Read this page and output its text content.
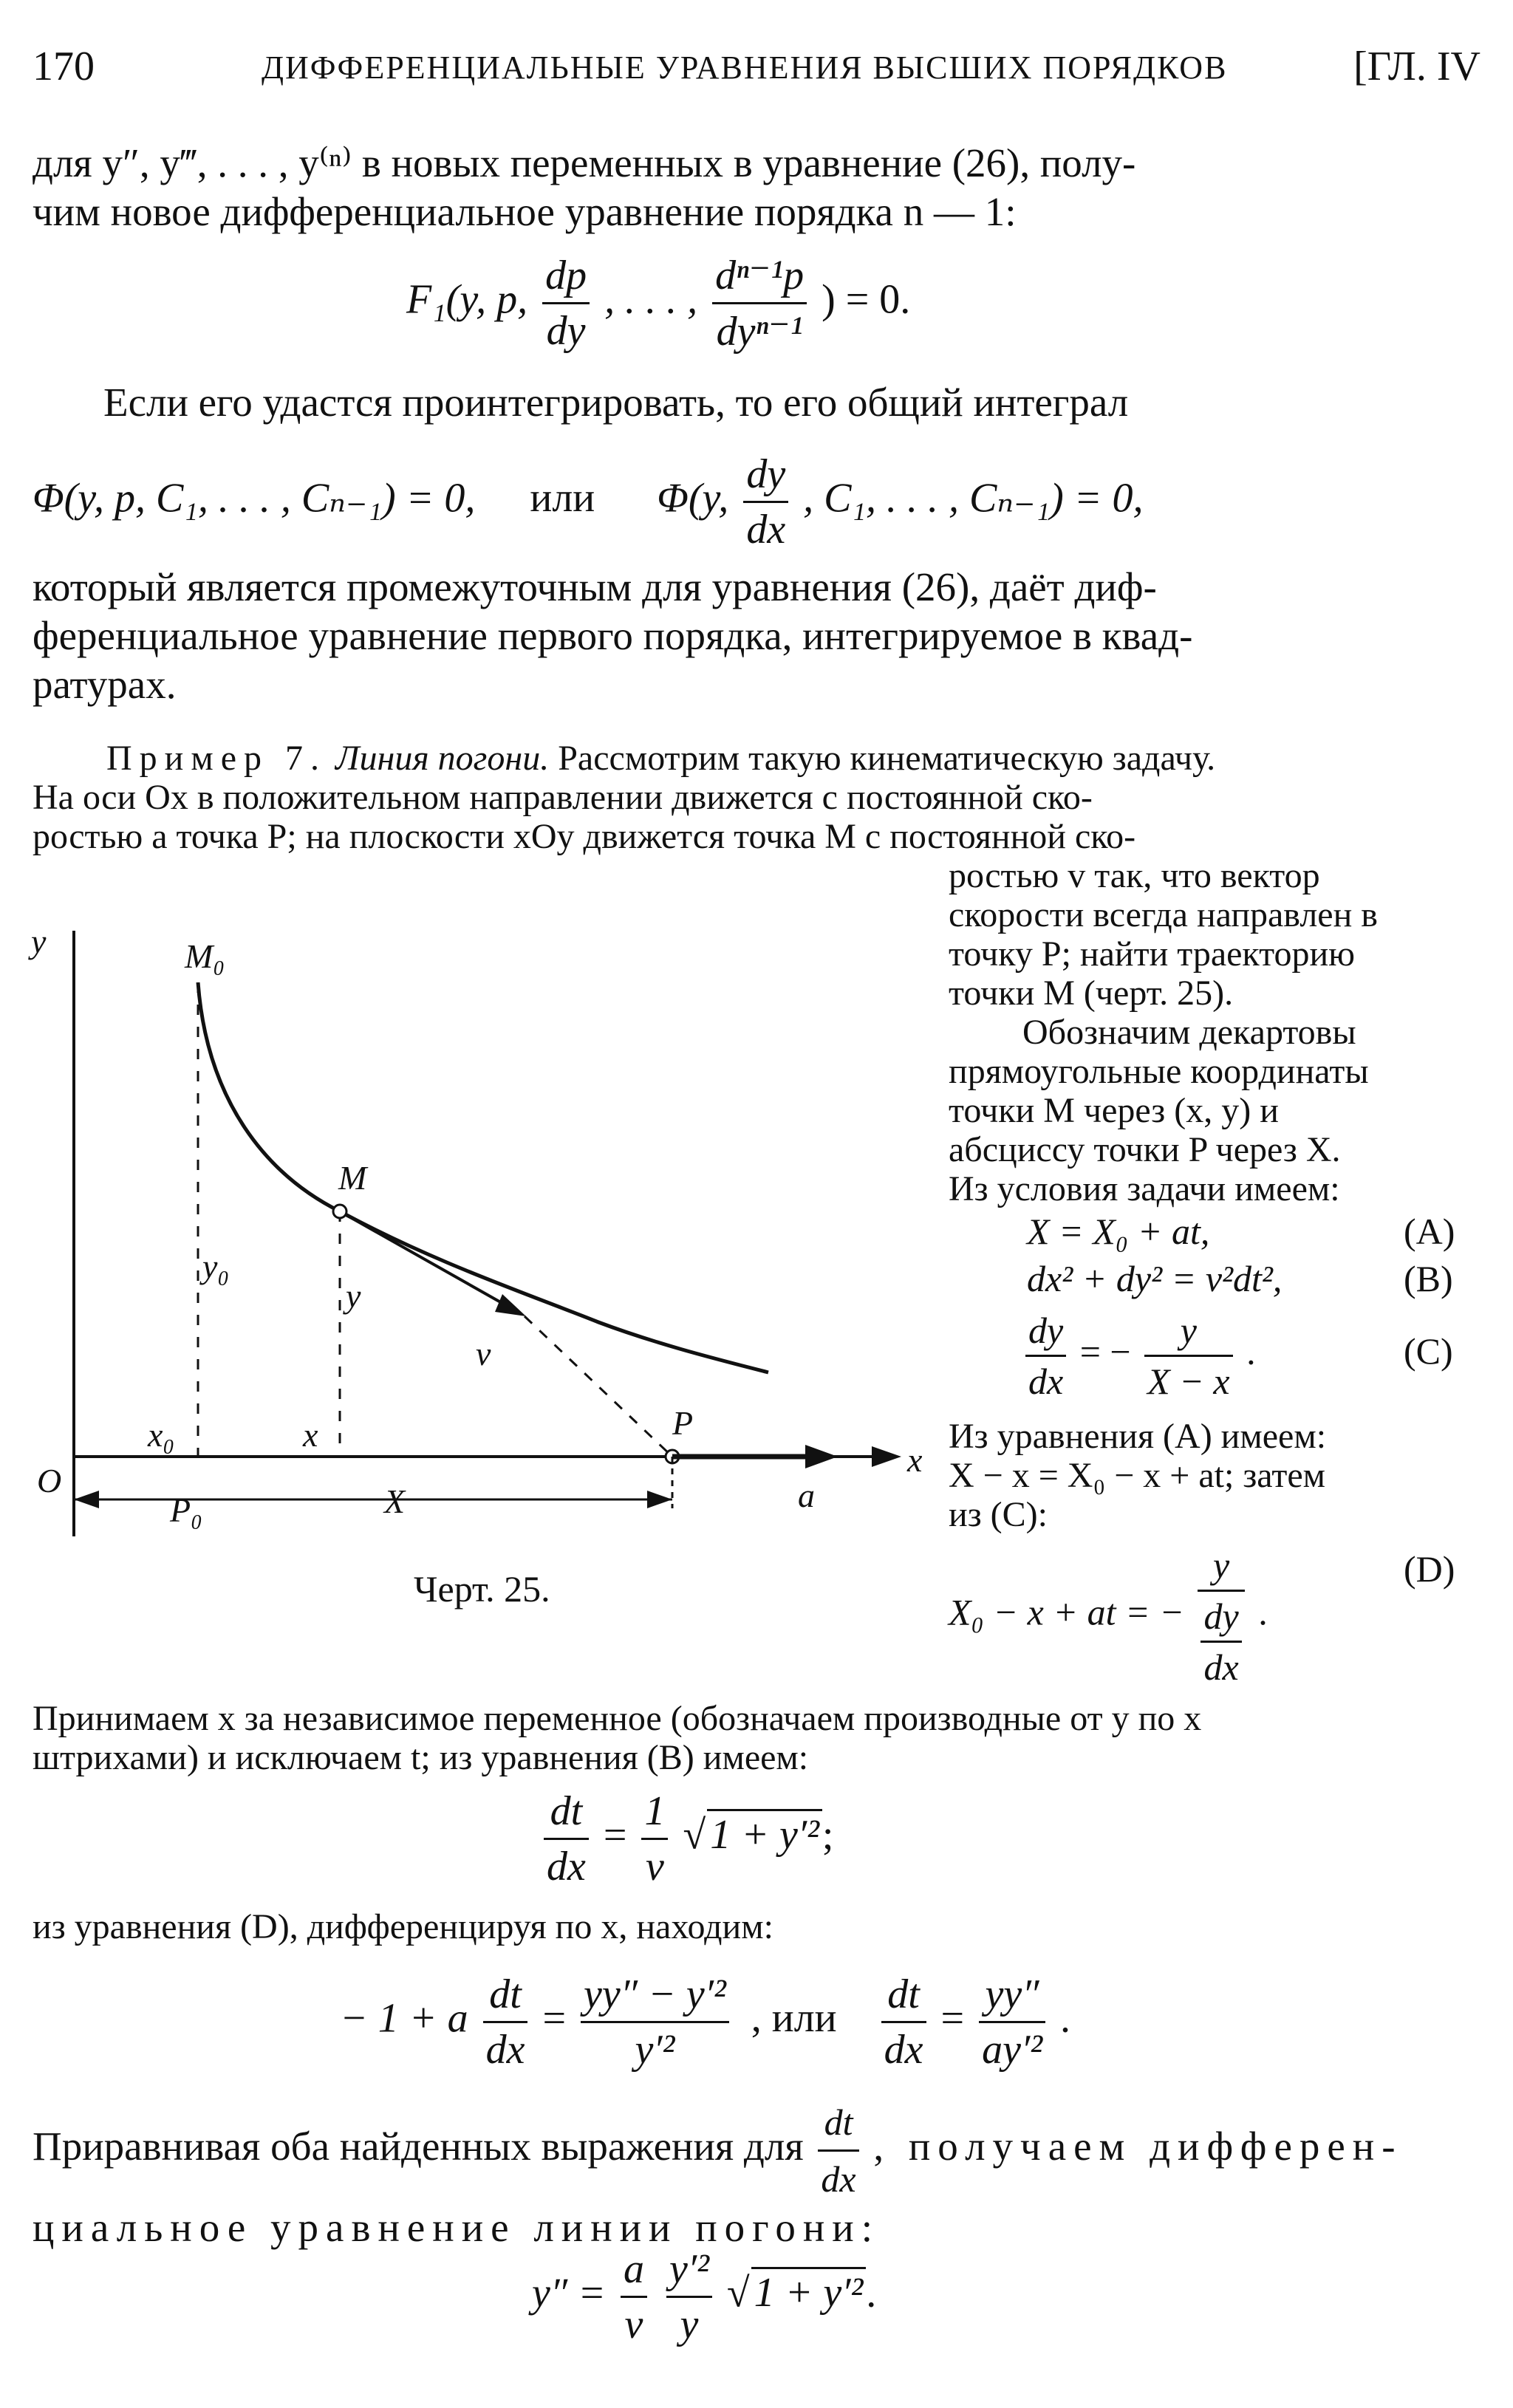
170	ДИФФЕРЕНЦИАЛЬНЫЕ УРАВНЕНИЯ ВЫСШИХ ПОРЯДКОВ	[ГЛ. IV
для y″, y‴, . . . , y⁽ⁿ⁾ в новых переменных в уравнение (26), полу-
чим новое дифференциальное уравнение порядка n — 1:
F₁(y, p, $\frac{dp}{dy}$ , . . . , $\frac{\text{dⁿ⁻¹p}}{\text{dyⁿ⁻¹}}$ ) = 0.
Если его удастся проинтегрировать, то его общий интеграл
Φ(y, p, C₁, . . . , Cₙ₋₁) = 0, или Φ(y, $\frac{dy}{dx}$ , C₁, . . . , Cₙ₋₁) = 0,
который является промежуточным для уравнения (26), даёт диф-
ференциальное уравнение первого порядка, интегрируемое в квад-
ратурах.
Пример 7. Линия погони. Рассмотрим такую кинематическую задачу.
На оси Ox в положительном направлении движется с постоянной ско-
ростью a точка P; на плоскости xOy движется точка M с постоянной ско-
ростью v так, что вектор
скорости всегда направлен в
точку P; найти траекторию
точки M (черт. 25).
Обозначим декартовы
прямоугольные координаты
точки M через (x, y) и
абсциссу точки P через X.
Из условия задачи имеем:
X = X₀ + at,	(A)
dx² + dy² = v²dt²,	(B)
$\frac{dy}{dx}$ = − $\frac{y}{X - x}$ .	(C)
Из уравнения (A) имеем:
X − x = X₀ − x + at; затем
из (C):
X₀ − x + at = − $\frac{y}{\frac{dy}{dx}}$ .
(D)
y
x
O
M₀
M
y₀
y
v
x₀	x	P
P₀	X	a
Черт. 25.
Принимаем x за независимое переменное (обозначаем производные от y по x
штрихами) и исключаем t; из уравнения (B) имеем:
$\frac{dt}{dx} = \frac{1}{v}$ √ 1 + y′²;
из уравнения (D), дифференцируя по x, находим:
− 1 + a $\frac{dt}{dx} = \frac{\text{yy″ − y′²}}{\text{y′²}}$ , или $\frac{dt}{dx} = \frac{yy''}{\text{ay′²}}$ .
Приравнивая оба найденных выражения для $\frac{dt}{dx}$ , получаем дифферен-
циальное уравнение линии погони:
$y'' = \frac{a}{v}$
$\frac{\text{y′²}}{y}$ √ 1 + y′².
